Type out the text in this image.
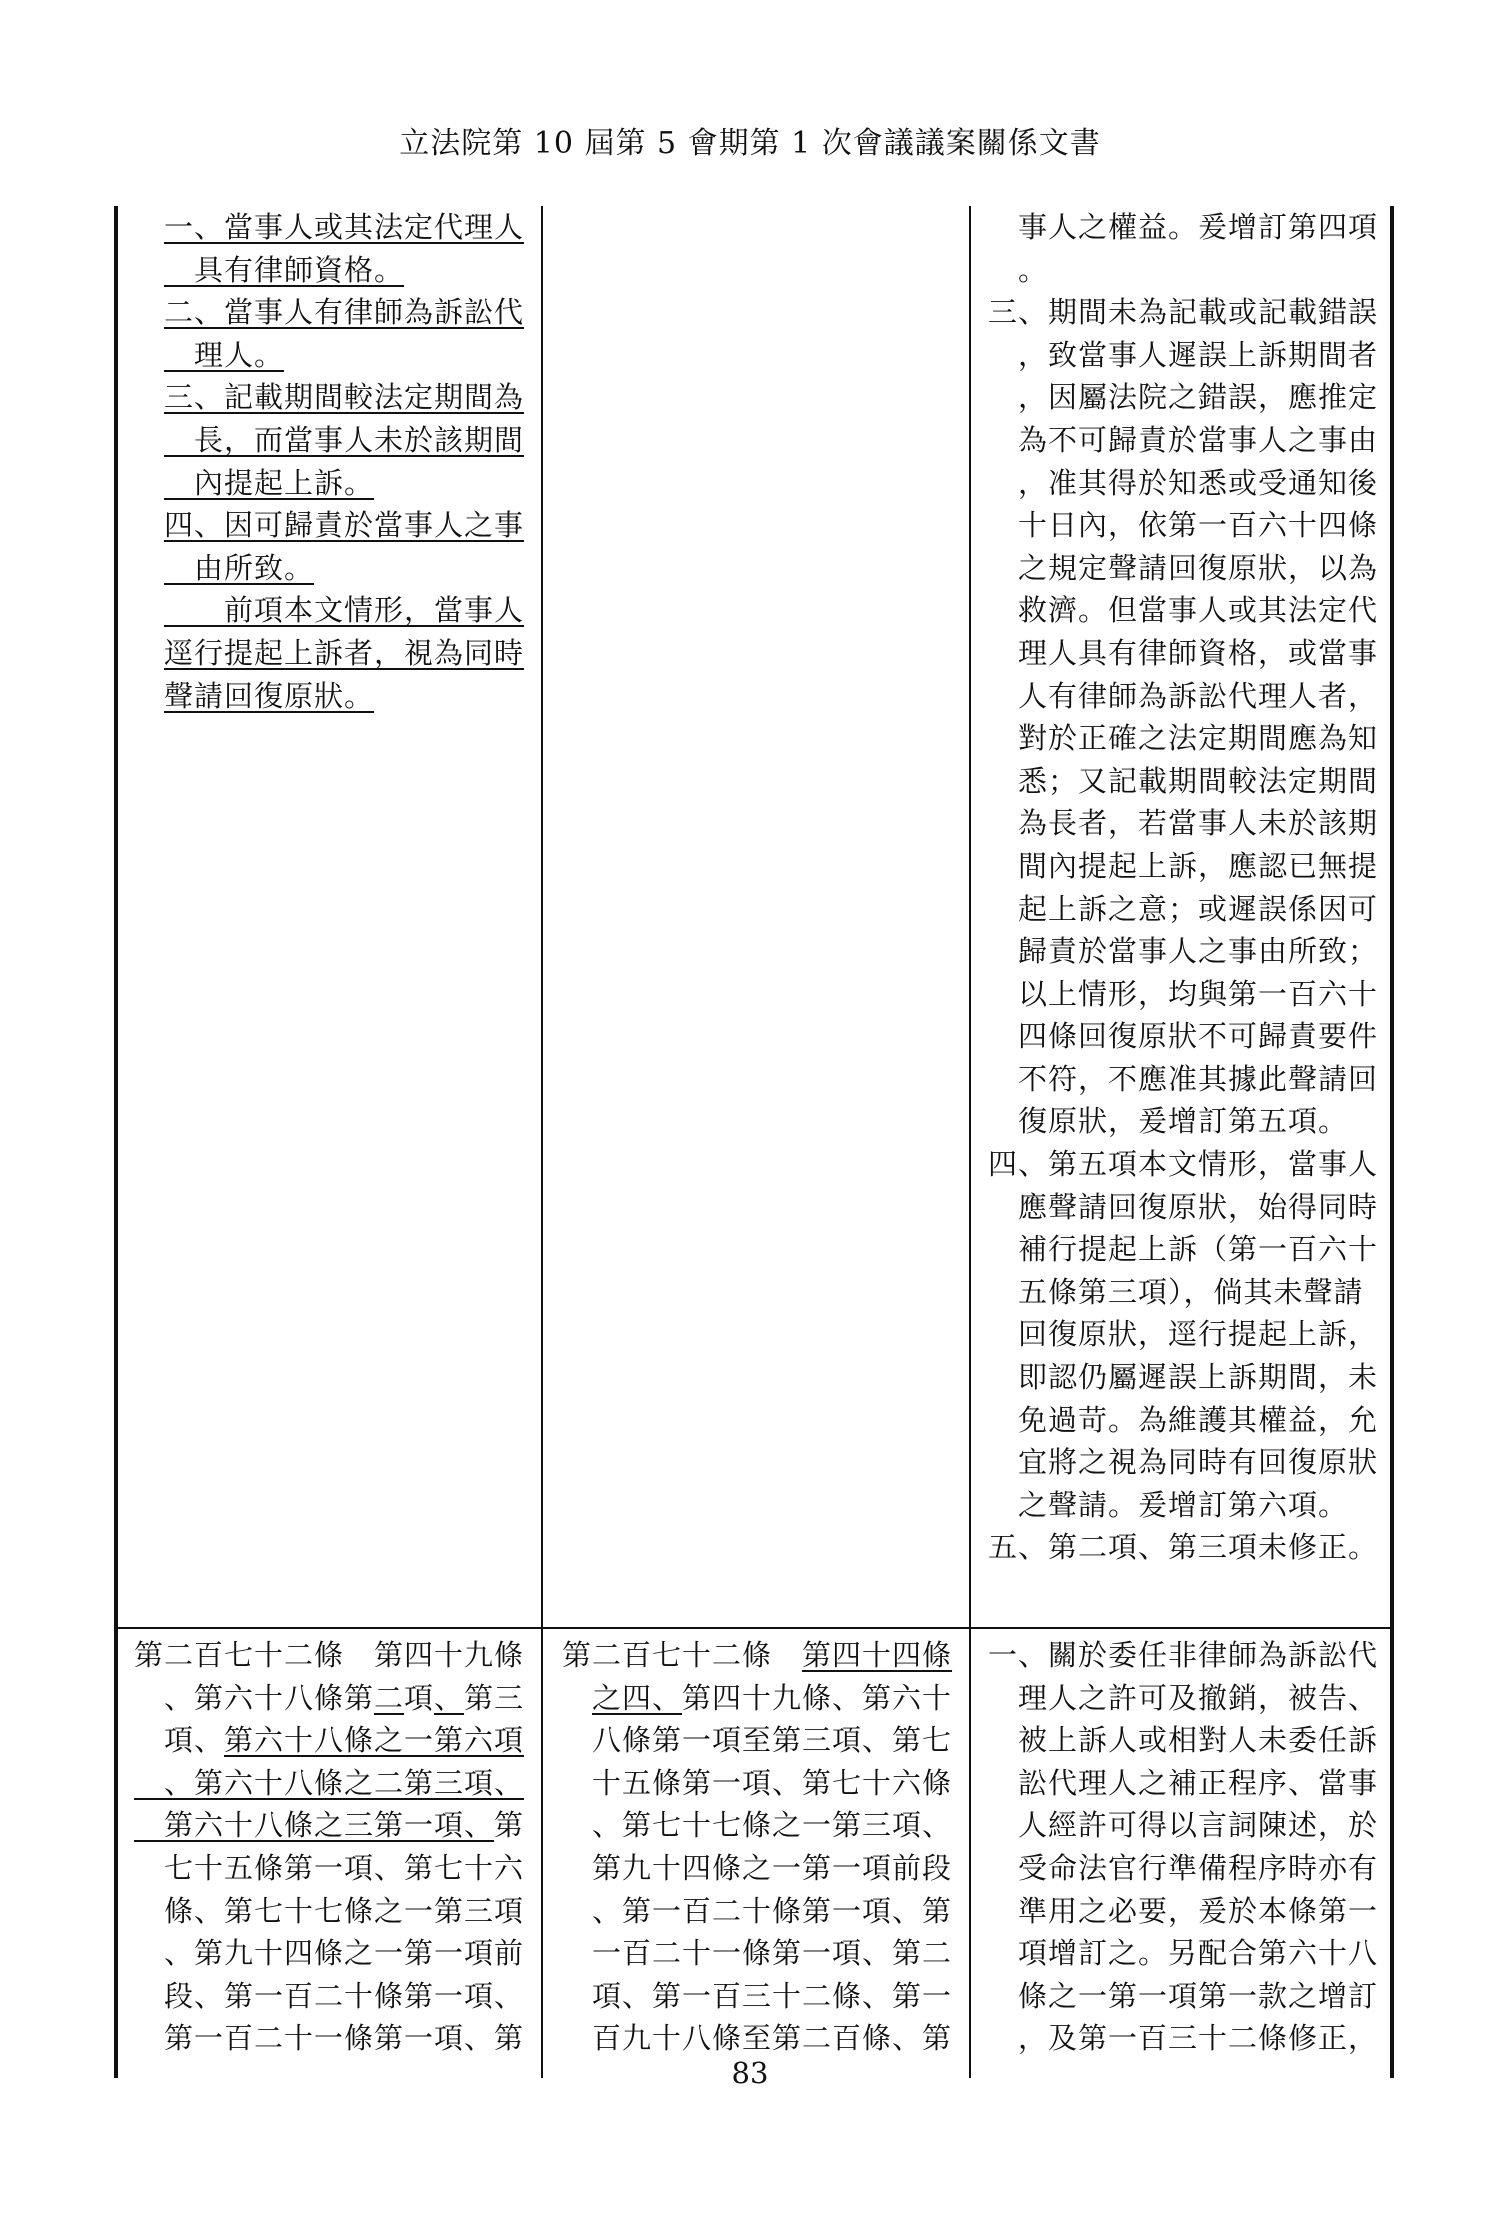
立法院第 10 屆第 5 會期第 1 次會議議案關係文書
一、當事人或其法定代理人
　具有律師資格。
二、當事人有律師為訴訟代
　理人。
三、記載期間較法定期間為
　長，而當事人未於該期間
　內提起上訴。
四、因可歸責於當事人之事
　由所致。
　　前項本文情形，當事人
逕行提起上訴者，視為同時
聲請回復原狀。
　事人之權益。爰增訂第四項
　。
三、期間未為記載或記載錯誤
　，致當事人遲誤上訴期間者
　，因屬法院之錯誤，應推定
　為不可歸責於當事人之事由
　，准其得於知悉或受通知後
　十日內，依第一百六十四條
　之規定聲請回復原狀，以為
　救濟。但當事人或其法定代
　理人具有律師資格，或當事
　人有律師為訴訟代理人者，
　對於正確之法定期間應為知
　悉；又記載期間較法定期間
　為長者，若當事人未於該期
　間內提起上訴，應認已無提
　起上訴之意；或遲誤係因可
　歸責於當事人之事由所致；
　以上情形，均與第一百六十
　四條回復原狀不可歸責要件
　不符，不應准其據此聲請回
　復原狀，爰增訂第五項。
四、第五項本文情形，當事人
　應聲請回復原狀，始得同時
　補行提起上訴（第一百六十
　五條第三項），倘其未聲請
　回復原狀，逕行提起上訴，
　即認仍屬遲誤上訴期間，未
　免過苛。為維護其權益，允
　宜將之視為同時有回復原狀
　之聲請。爰增訂第六項。
五、第二項、第三項未修正。
第二百七十二條　第四十九條
　、第六十八條第二項、第三
　項、第六十八條之一第六項
　、第六十八條之二第三項、
　第六十八條之三第一項、第
　七十五條第一項、第七十六
　條、第七十七條之一第三項
　、第九十四條之一第一項前
　段、第一百二十條第一項、
　第一百二十一條第一項、第
第二百七十二條　第四十四條
　之四、第四十九條、第六十
　八條第一項至第三項、第七
　十五條第一項、第七十六條
　、第七十七條之一第三項、
　第九十四條之一第一項前段
　、第一百二十條第一項、第
　一百二十一條第一項、第二
　項、第一百三十二條、第一
　百九十八條至第二百條、第
一、關於委任非律師為訴訟代
　理人之許可及撤銷，被告、
　被上訴人或相對人未委任訴
　訟代理人之補正程序、當事
　人經許可得以言詞陳述，於
　受命法官行準備程序時亦有
　準用之必要，爰於本條第一
　項增訂之。另配合第六十八
　條之一第一項第一款之增訂
　，及第一百三十二條修正，
83
